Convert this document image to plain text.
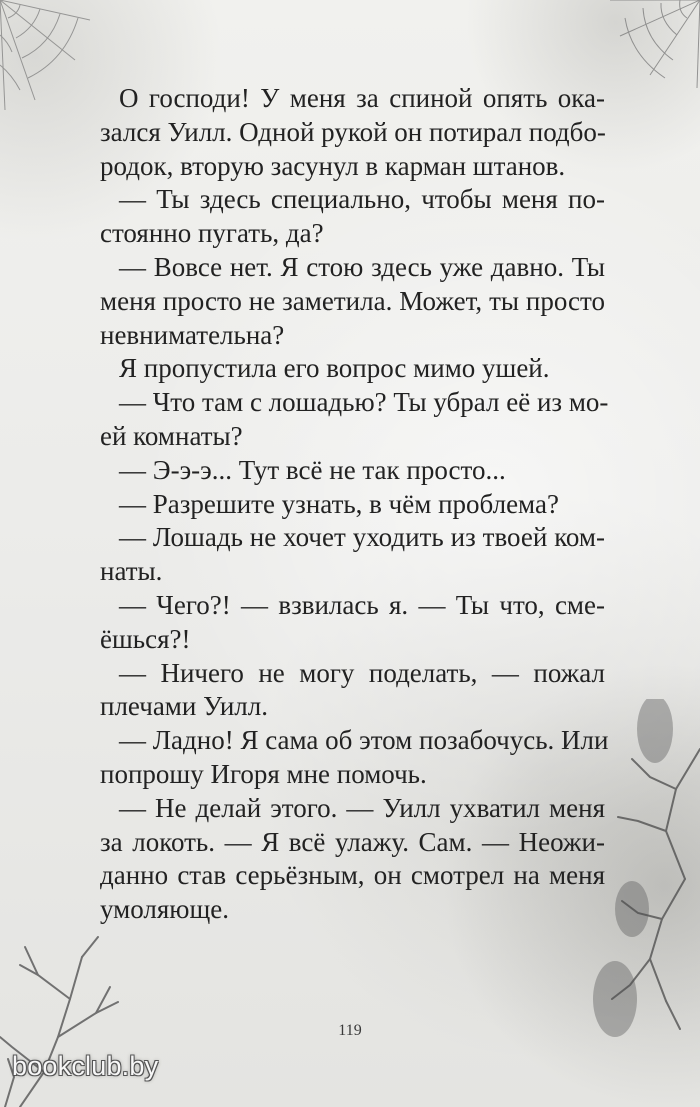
О господи! У меня за спиной опять ока-
зался Уилл. Одной рукой он потирал подбо-
родок, вторую засунул в карман штанов.
— Ты здесь специально, чтобы меня по-
стоянно пугать, да?
— Вовсе нет. Я стою здесь уже давно. Ты
меня просто не заметила. Может, ты просто
невнимательна?
Я пропустила его вопрос мимо ушей.
— Что там с лошадью? Ты убрал её из мо-
ей комнаты?
— Э-э-э... Тут всё не так просто...
— Разрешите узнать, в чём проблема?
— Лошадь не хочет уходить из твоей ком-
наты.
— Чего?! — взвилась я. — Ты что, сме-
ёшься?!
— Ничего не могу поделать, — пожал
плечами Уилл.
— Ладно! Я сама об этом позабочусь. Или
попрошу Игоря мне помочь.
— Не делай этого. — Уилл ухватил меня
за локоть. — Я всё улажу. Сам. — Неожи-
данно став серьёзным, он смотрел на меня
умоляюще.
119
bookclub.by
